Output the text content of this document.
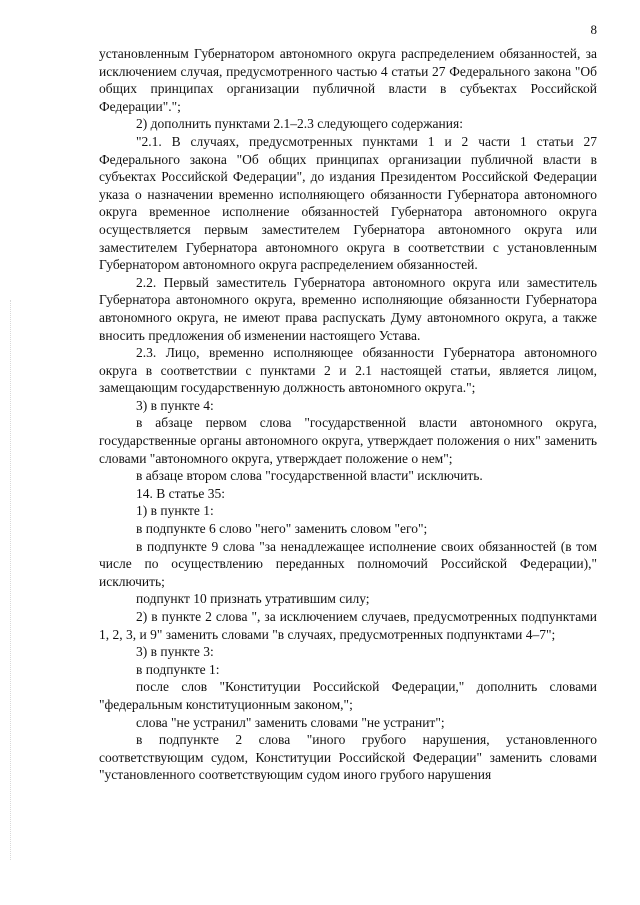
8

установленным Губернатором автономного округа распределением обязанностей, за исключением случая, предусмотренного частью 4 статьи 27 Федерального закона "Об общих принципах организации публичной власти в субъектах Российской Федерации".";

2) дополнить пунктами 2.1–2.3 следующего содержания:

"2.1. В случаях, предусмотренных пунктами 1 и 2 части 1 статьи 27 Федерального закона "Об общих принципах организации публичной власти в субъектах Российской Федерации", до издания Президентом Российской Федерации указа о назначении временно исполняющего обязанности Губернатора автономного округа временное исполнение обязанностей Губернатора автономного округа осуществляется первым заместителем Губернатора автономного округа или заместителем Губернатора автономного округа в соответствии с установленным Губернатором автономного округа распределением обязанностей.

2.2. Первый заместитель Губернатора автономного округа или заместитель Губернатора автономного округа, временно исполняющие обязанности Губернатора автономного округа, не имеют права распускать Думу автономного округа, а также вносить предложения об изменении настоящего Устава.

2.3. Лицо, временно исполняющее обязанности Губернатора автономного округа в соответствии с пунктами 2 и 2.1 настоящей статьи, является лицом, замещающим государственную должность автономного округа.";

3) в пункте 4:

в абзаце первом слова "государственной власти автономного округа, государственные органы автономного округа, утверждает положения о них" заменить словами "автономного округа, утверждает положение о нем";

в абзаце втором слова "государственной власти" исключить.

14. В статье 35:

1) в пункте 1:

в подпункте 6 слово "него" заменить словом "его";

в подпункте 9 слова "за ненадлежащее исполнение своих обязанностей (в том числе по осуществлению переданных полномочий Российской Федерации)," исключить;

подпункт 10 признать утратившим силу;

2) в пункте 2 слова ", за исключением случаев, предусмотренных подпунктами 1, 2, 3, и 9" заменить словами "в случаях, предусмотренных подпунктами 4–7";

3) в пункте 3:

в подпункте 1:

после слов "Конституции Российской Федерации," дополнить словами "федеральным конституционным законом,";

слова "не устранил" заменить словами "не устранит";

в подпункте 2 слова "иного грубого нарушения, установленного соответствующим судом, Конституции Российской Федерации" заменить словами "установленного соответствующим судом иного грубого нарушения
